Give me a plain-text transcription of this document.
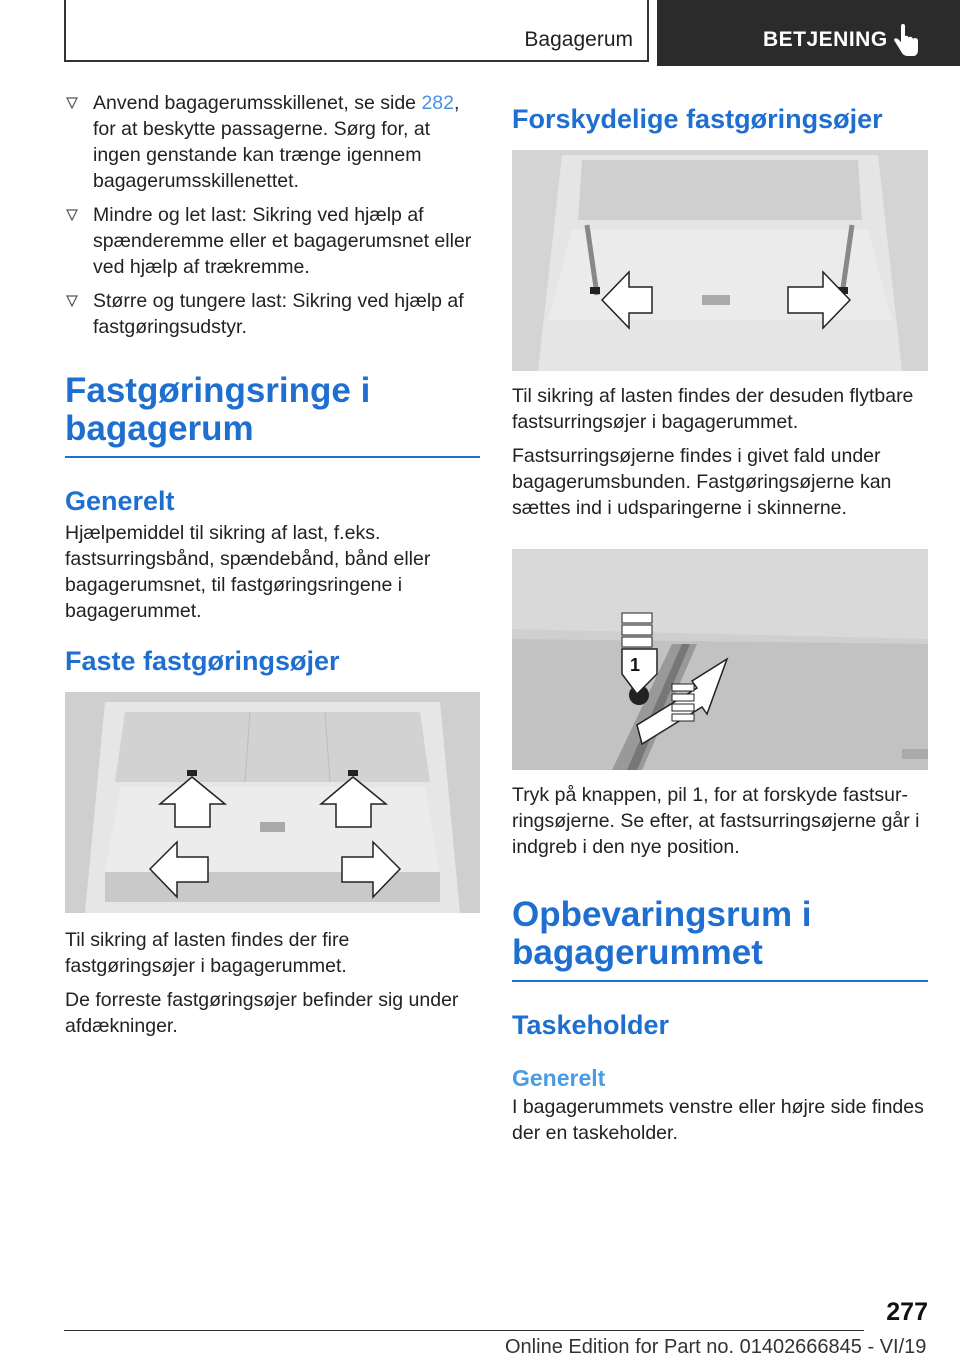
Bagagerum	BETJENING
Anvend bagagerumsskillenet, se side 282, for at beskytte passagerne. Sørg for, at ingen genstande kan trænge igennem bagagerumsskillenettet.
Mindre og let last: Sikring ved hjælp af spænderemme eller et bagagerumsnet eller ved hjælp af trækremme.
Større og tungere last: Sikring ved hjælp af fastgøringsudstyr.
Fastgøringsringe i bagagerum
Generelt

Hjælpemiddel til sikring af last, f.eks. fastsurringsbånd, spændebånd, bånd eller bagagerumsnet, til fastgøringsringene i bagagerummet.

Faste fastgøringsøjer

Til sikring af lasten findes der fire fastgøringsøjer i bagagerummet.

De forreste fastgøringsøjer befinder sig under afdækninger.

Forskydelige fastgøringsøjer

Til sikring af lasten findes der desuden flytbare fastsurringsøjer i bagagerummet.

Fastsurringsøjerne findes i givet fald under bagagerumsbunden. Fastgøringsøjerne kan sættes ind i udsparingerne i skinnerne.

1

Tryk på knappen, pil 1, for at forskyde fastsurringsøjerne. Se efter, at fastsurringsøjerne går i indgreb i den nye position.

Opbevaringsrum i bagagerummet
Taskeholder
Generelt

I bagagerummets venstre eller højre side findes der en taskeholder.

277
Online Edition for Part no. 01402666845 - VI/19
